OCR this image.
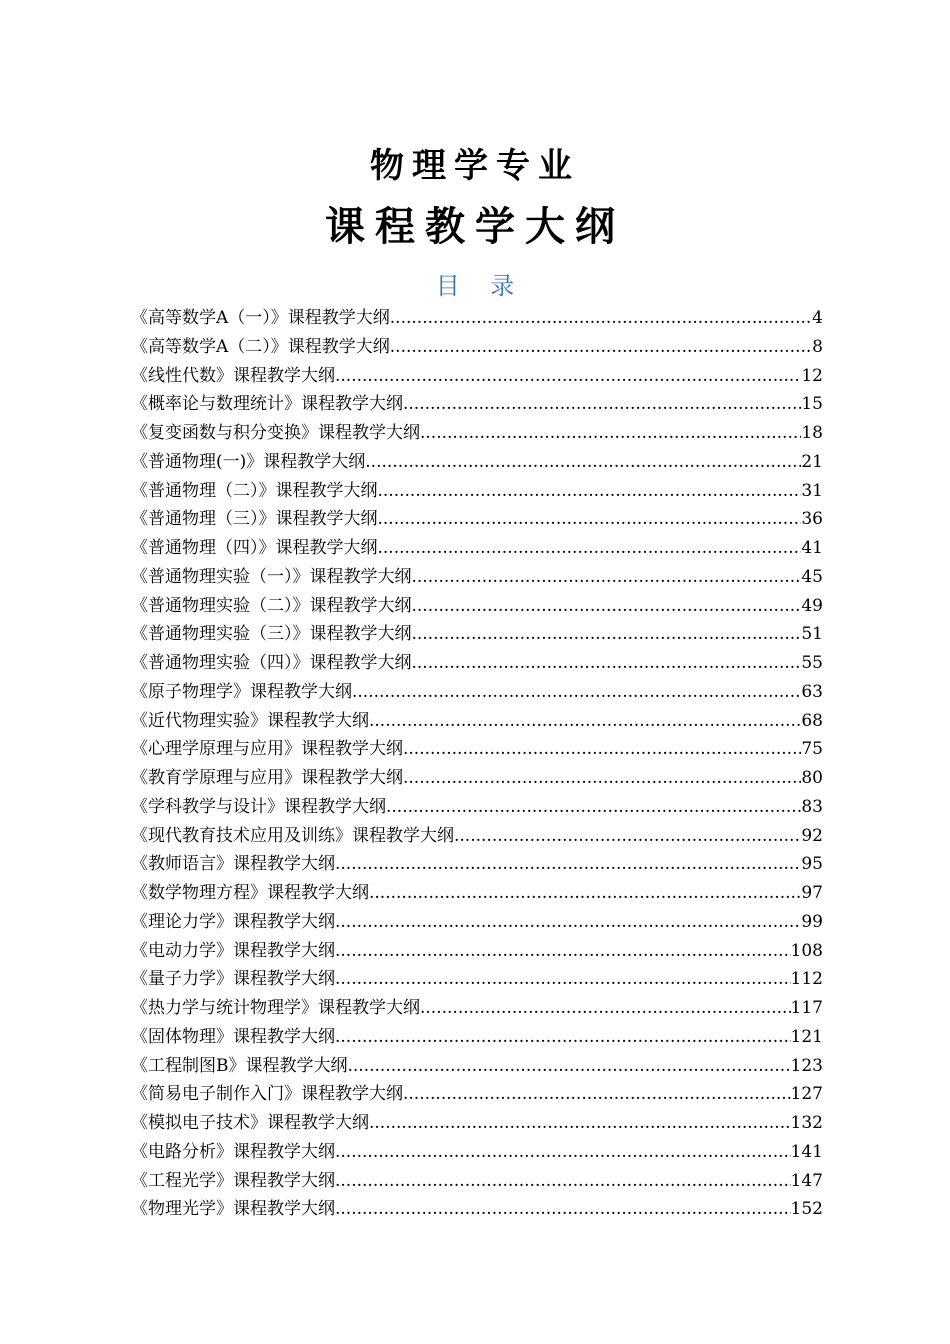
物理学专业
课程教学大纲
目    录
《高等数学A（一）》课程教学大纲 .....	4
《高等数学A（二）》课程教学大纲 .....	8
《线性代数》课程教学大纲 .....	12
《概率论与数理统计》课程教学大纲 .....	15
《复变函数与积分变换》课程教学大纲 .....	18
《普通物理(一)》课程教学大纲 .....	21
《普通物理（二）》课程教学大纲 .....	31
《普通物理（三）》课程教学大纲 .....	36
《普通物理（四）》课程教学大纲 .....	41
《普通物理实验（一）》课程教学大纲 .....	45
《普通物理实验（二）》课程教学大纲 .....	49
《普通物理实验（三）》课程教学大纲 .....	51
《普通物理实验（四）》课程教学大纲 .....	55
《原子物理学》课程教学大纲 .....	63
《近代物理实验》课程教学大纲 .....	68
《心理学原理与应用》课程教学大纲 .....	75
《教育学原理与应用》课程教学大纲 .....	80
《学科教学与设计》课程教学大纲 .....	83
《现代教育技术应用及训练》课程教学大纲 .....	92
《教师语言》课程教学大纲 .....	95
《数学物理方程》课程教学大纲 .....	97
《理论力学》课程教学大纲 .....	99
《电动力学》课程教学大纲 .....	108
《量子力学》课程教学大纲 .....	112
《热力学与统计物理学》课程教学大纲 .....	117
《固体物理》课程教学大纲 .....	121
《工程制图B》课程教学大纲 .....	123
《简易电子制作入门》课程教学大纲 .....	127
《模拟电子技术》课程教学大纲 .....	132
《电路分析》课程教学大纲 .....	141
《工程光学》课程教学大纲 .....	147
《物理光学》课程教学大纲 .....	152
